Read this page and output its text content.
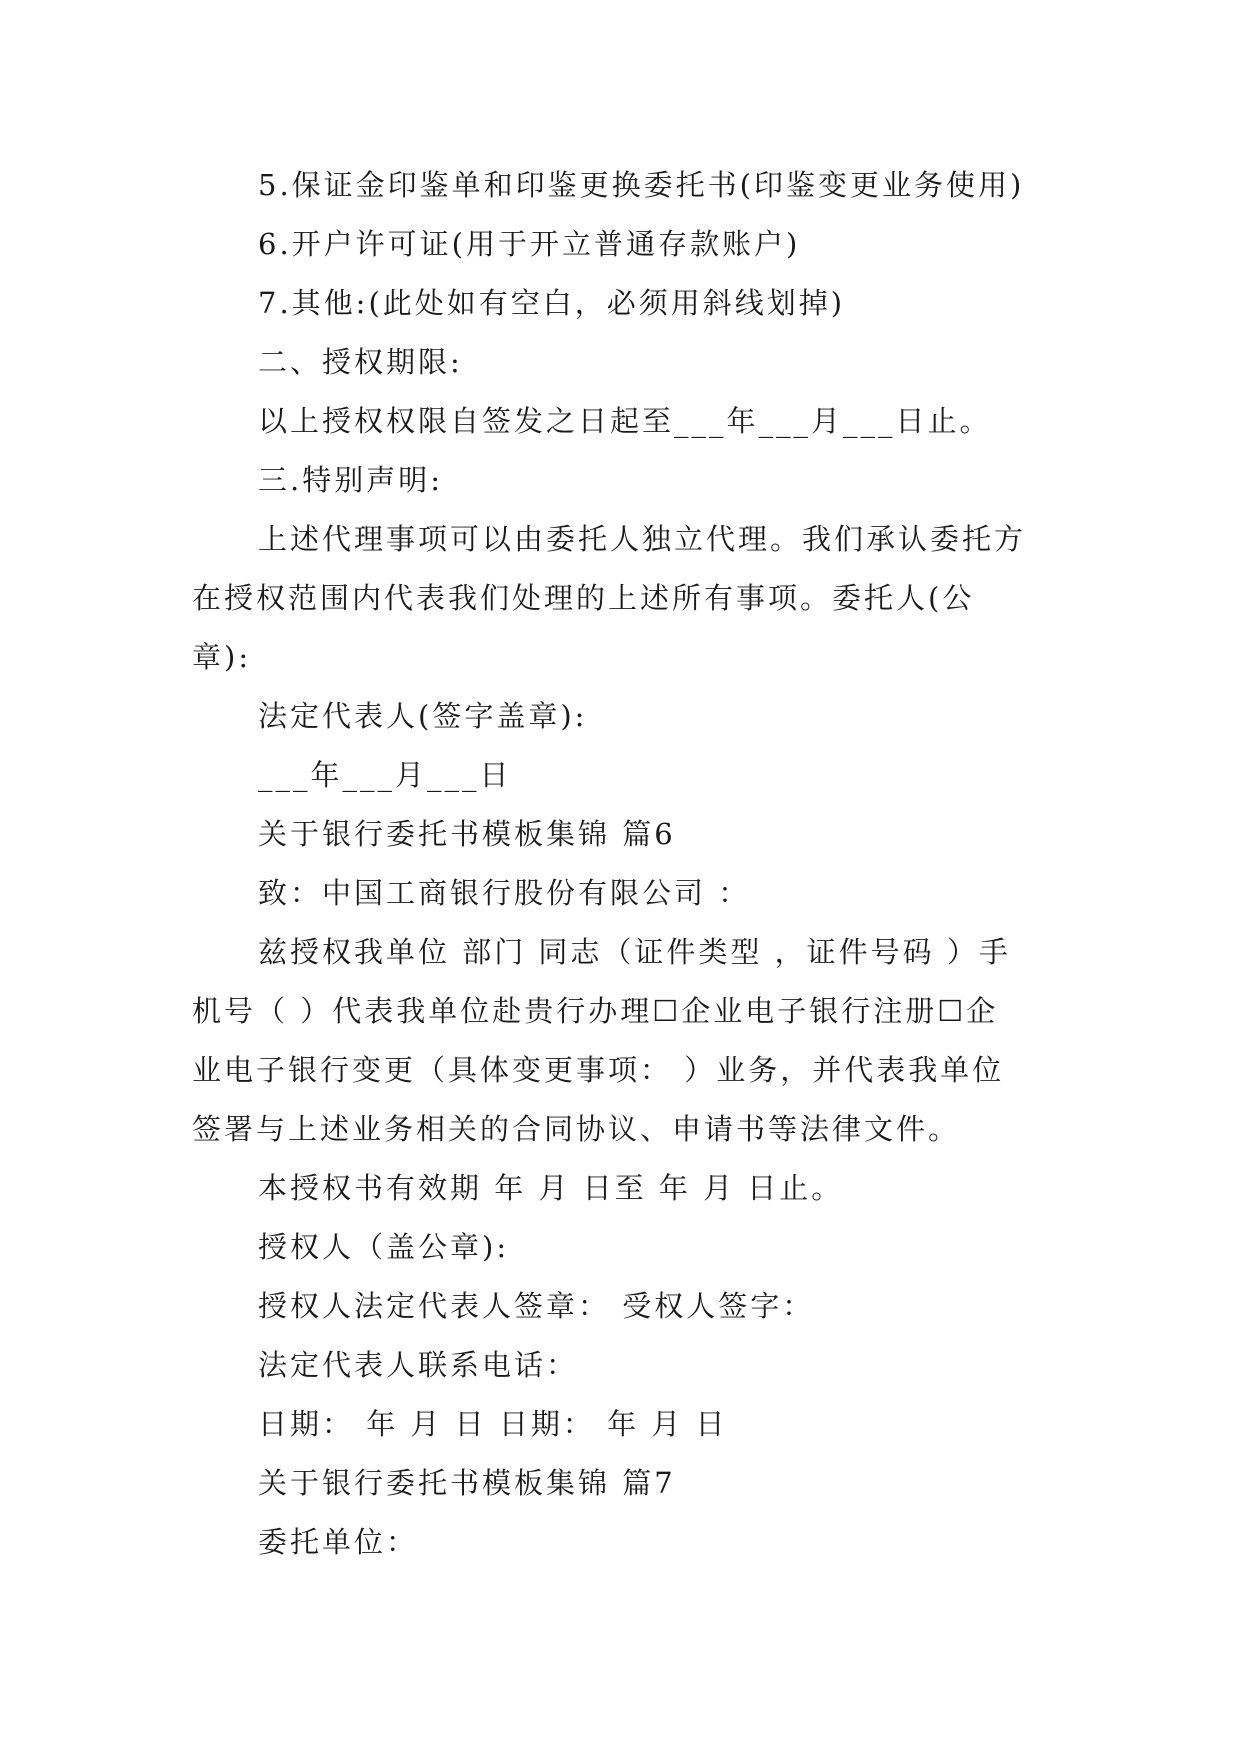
5.保证金印鉴单和印鉴更换委托书(印鉴变更业务使用)

6.开户许可证(用于开立普通存款账户)

7.其他:(此处如有空白，必须用斜线划掉)

二、授权期限:

以上授权权限自签发之日起至___年___月___日止。

三.特别声明:

上述代理事项可以由委托人独立代理。我们承认委托方
在授权范围内代表我们处理的上述所有事项。委托人(公
章):

法定代表人(签字盖章):

___年___月___日

关于银行委托书模板集锦 篇6

致：中国工商银行股份有限公司 ：

兹授权我单位 部门 同志（证件类型 ，证件号码 ）手
机号（ ）代表我单位赴贵行办理☐企业电子银行注册☐企
业电子银行变更（具体变更事项： ）业务，并代表我单位
签署与上述业务相关的合同协议、申请书等法律文件。

本授权书有效期 年 月 日至 年 月 日止。

授权人（盖公章):

授权人法定代表人签章： 受权人签字：

法定代表人联系电话：

日期： 年 月 日 日期： 年 月 日

关于银行委托书模板集锦 篇7

委托单位：
